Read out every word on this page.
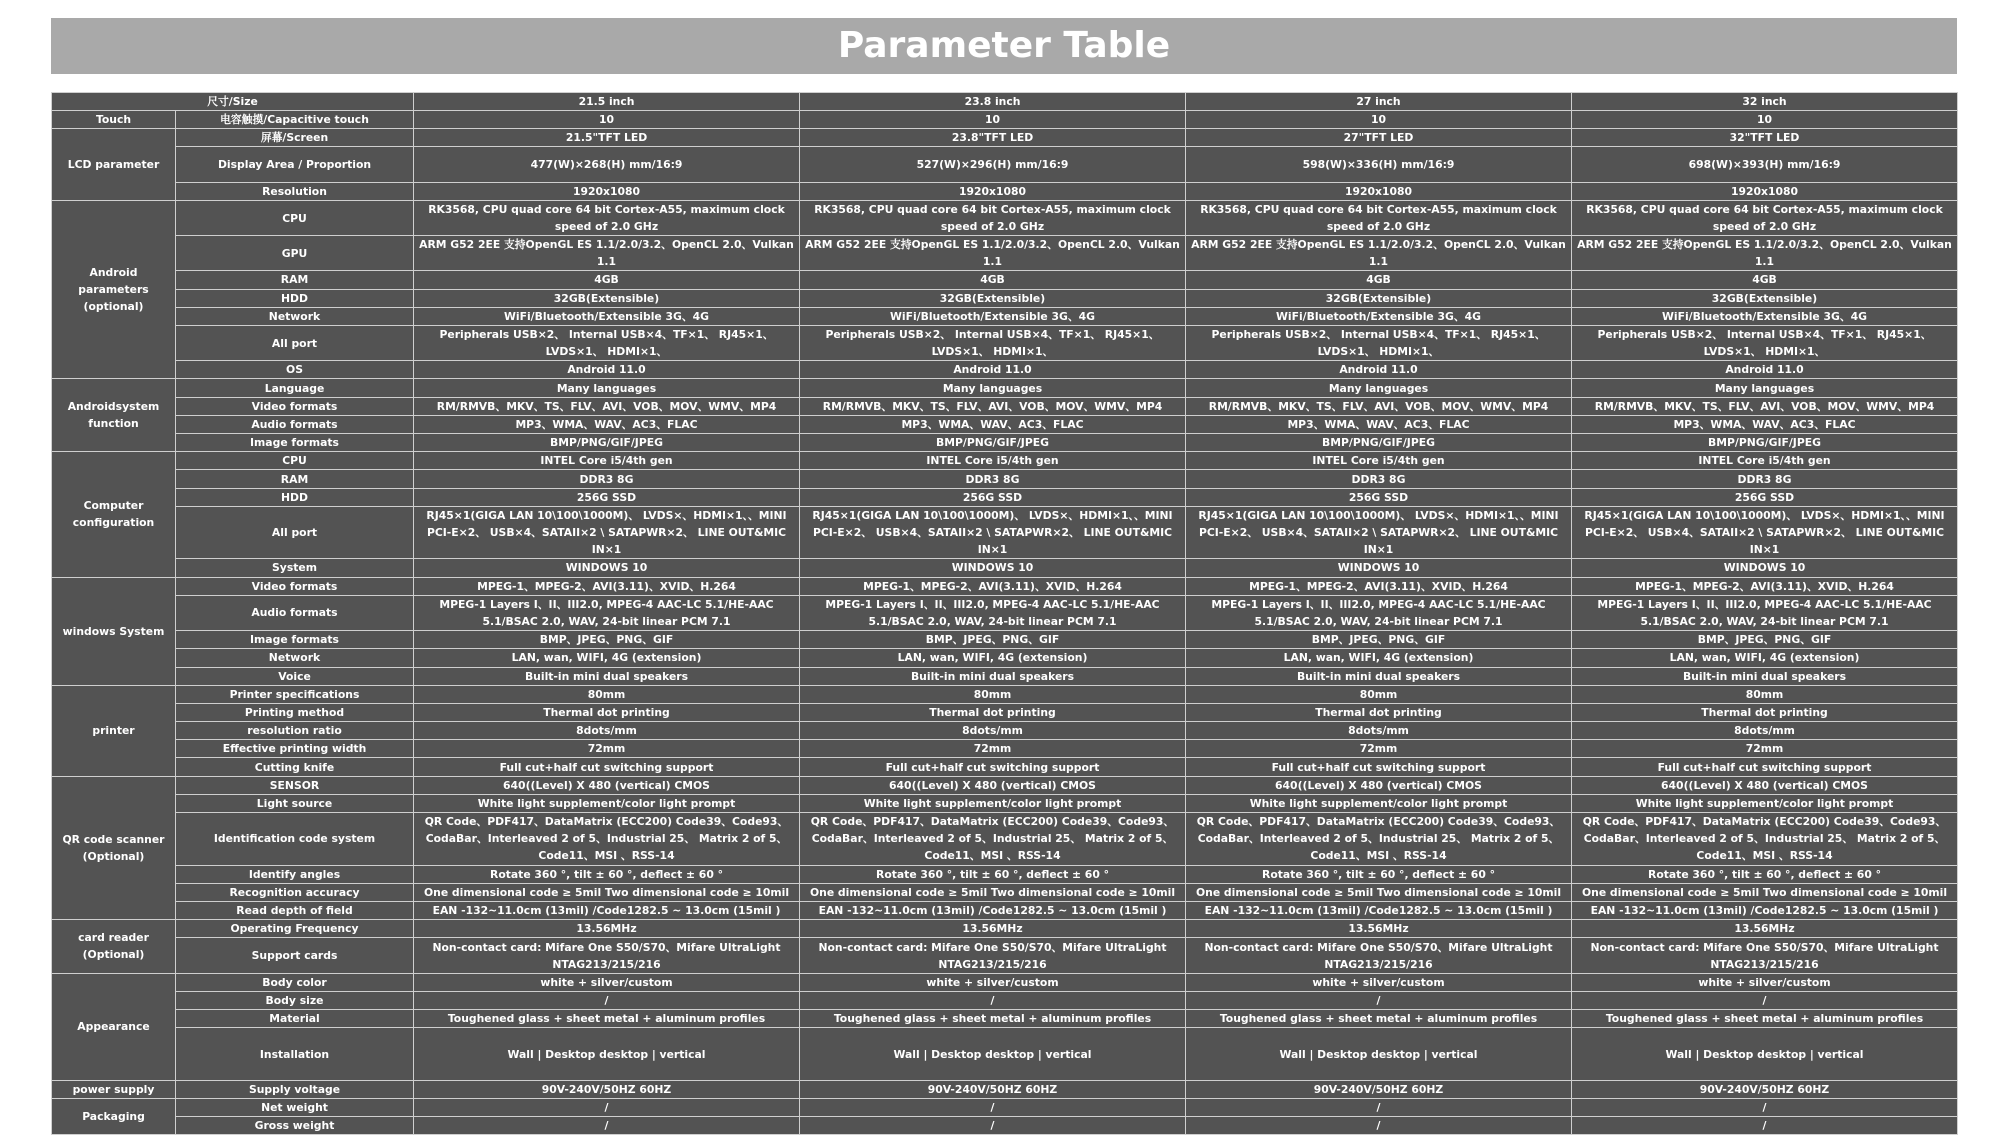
Parameter Table
尺寸/Size		21.5 inch	23.8 inch	27 inch	32 inch
Touch	电容触摸/Capacitive touch	10	10	10	10
LCD parameter	屏幕/Screen	21.5"TFT LED	23.8"TFT LED	27"TFT LED	32"TFT LED
	Display Area / Proportion	477(W)×268(H) mm/16:9	527(W)×296(H) mm/16:9	598(W)×336(H) mm/16:9	698(W)×393(H) mm/16:9
	Resolution	1920x1080	1920x1080	1920x1080	1920x1080
Android parameters (optional)	CPU	RK3568, CPU quad core 64 bit Cortex-A55, maximum clock speed of 2.0 GHz	RK3568, CPU quad core 64 bit Cortex-A55, maximum clock speed of 2.0 GHz	RK3568, CPU quad core 64 bit Cortex-A55, maximum clock speed of 2.0 GHz	RK3568, CPU quad core 64 bit Cortex-A55, maximum clock speed of 2.0 GHz
	GPU	ARM G52 2EE 支持OpenGL ES 1.1/2.0/3.2、OpenCL 2.0、Vulkan 1.1	ARM G52 2EE 支持OpenGL ES 1.1/2.0/3.2、OpenCL 2.0、Vulkan 1.1	ARM G52 2EE 支持OpenGL ES 1.1/2.0/3.2、OpenCL 2.0、Vulkan 1.1	ARM G52 2EE 支持OpenGL ES 1.1/2.0/3.2、OpenCL 2.0、Vulkan 1.1
	RAM	4GB	4GB	4GB	4GB
	HDD	32GB(Extensible)	32GB(Extensible)	32GB(Extensible)	32GB(Extensible)
	Network	WiFi/Bluetooth/Extensible 3G、4G	WiFi/Bluetooth/Extensible 3G、4G	WiFi/Bluetooth/Extensible 3G、4G	WiFi/Bluetooth/Extensible 3G、4G
	All port	Peripherals USB×2、 Internal USB×4、TF×1、 RJ45×1、 LVDS×1、 HDMI×1、	Peripherals USB×2、 Internal USB×4、TF×1、 RJ45×1、 LVDS×1、 HDMI×1、	Peripherals USB×2、 Internal USB×4、TF×1、 RJ45×1、 LVDS×1、 HDMI×1、	Peripherals USB×2、 Internal USB×4、TF×1、 RJ45×1、 LVDS×1、 HDMI×1、
	OS	Android 11.0	Android 11.0	Android 11.0	Android 11.0
Androidsystem function	Language	Many languages	Many languages	Many languages	Many languages
	Video formats	RM/RMVB、MKV、TS、FLV、AVI、VOB、MOV、WMV、MP4	RM/RMVB、MKV、TS、FLV、AVI、VOB、MOV、WMV、MP4	RM/RMVB、MKV、TS、FLV、AVI、VOB、MOV、WMV、MP4	RM/RMVB、MKV、TS、FLV、AVI、VOB、MOV、WMV、MP4
	Audio formats	MP3、WMA、WAV、AC3、FLAC	MP3、WMA、WAV、AC3、FLAC	MP3、WMA、WAV、AC3、FLAC	MP3、WMA、WAV、AC3、FLAC
	Image formats	BMP/PNG/GIF/JPEG	BMP/PNG/GIF/JPEG	BMP/PNG/GIF/JPEG	BMP/PNG/GIF/JPEG
Computer configuration	CPU	INTEL Core i5/4th gen	INTEL Core i5/4th gen	INTEL Core i5/4th gen	INTEL Core i5/4th gen
	RAM	DDR3 8G	DDR3 8G	DDR3 8G	DDR3 8G
	HDD	256G SSD	256G SSD	256G SSD	256G SSD
	All port	RJ45×1(GIGA LAN 10\100\1000M)、 LVDS×、HDMI×1、、MINI PCI-E×2、 USB×4、SATAII×2 \ SATAPWR×2、 LINE OUT&MIC IN×1	RJ45×1(GIGA LAN 10\100\1000M)、 LVDS×、HDMI×1、、MINI PCI-E×2、 USB×4、SATAII×2 \ SATAPWR×2、 LINE OUT&MIC IN×1	RJ45×1(GIGA LAN 10\100\1000M)、 LVDS×、HDMI×1、、MINI PCI-E×2、 USB×4、SATAII×2 \ SATAPWR×2、 LINE OUT&MIC IN×1	RJ45×1(GIGA LAN 10\100\1000M)、 LVDS×、HDMI×1、、MINI PCI-E×2、 USB×4、SATAII×2 \ SATAPWR×2、 LINE OUT&MIC IN×1
	System	WINDOWS 10	WINDOWS 10	WINDOWS 10	WINDOWS 10
windows System	Video formats	MPEG-1、MPEG-2、AVI(3.11)、XVID、H.264	MPEG-1、MPEG-2、AVI(3.11)、XVID、H.264	MPEG-1、MPEG-2、AVI(3.11)、XVID、H.264	MPEG-1、MPEG-2、AVI(3.11)、XVID、H.264
	Audio formats	MPEG-1 Layers I、II、III2.0, MPEG-4 AAC-LC 5.1/HE-AAC 5.1/BSAC 2.0, WAV, 24-bit linear PCM 7.1	MPEG-1 Layers I、II、III2.0, MPEG-4 AAC-LC 5.1/HE-AAC 5.1/BSAC 2.0, WAV, 24-bit linear PCM 7.1	MPEG-1 Layers I、II、III2.0, MPEG-4 AAC-LC 5.1/HE-AAC 5.1/BSAC 2.0, WAV, 24-bit linear PCM 7.1	MPEG-1 Layers I、II、III2.0, MPEG-4 AAC-LC 5.1/HE-AAC 5.1/BSAC 2.0, WAV, 24-bit linear PCM 7.1
	Image formats	BMP、JPEG、PNG、GIF	BMP、JPEG、PNG、GIF	BMP、JPEG、PNG、GIF	BMP、JPEG、PNG、GIF
	Network	LAN, wan, WIFI, 4G (extension)	LAN, wan, WIFI, 4G (extension)	LAN, wan, WIFI, 4G (extension)	LAN, wan, WIFI, 4G (extension)
	Voice	Built-in mini dual speakers	Built-in mini dual speakers	Built-in mini dual speakers	Built-in mini dual speakers
printer	Printer specifications	80mm	80mm	80mm	80mm
	Printing method	Thermal dot printing	Thermal dot printing	Thermal dot printing	Thermal dot printing
	resolution ratio	8dots/mm	8dots/mm	8dots/mm	8dots/mm
	Effective printing width	72mm	72mm	72mm	72mm
	Cutting knife	Full cut+half cut switching support	Full cut+half cut switching support	Full cut+half cut switching support	Full cut+half cut switching support
QR code scanner (Optional)	SENSOR	640((Level) X 480 (vertical) CMOS	640((Level) X 480 (vertical) CMOS	640((Level) X 480 (vertical) CMOS	640((Level) X 480 (vertical) CMOS
	Light source	White light supplement/color light prompt	White light supplement/color light prompt	White light supplement/color light prompt	White light supplement/color light prompt
	Identification code system	QR Code、PDF417、DataMatrix (ECC200) Code39、Code93、CodaBar、Interleaved 2 of 5、Industrial 25、 Matrix 2 of 5、Code11、MSI 、RSS-14	QR Code、PDF417、DataMatrix (ECC200) Code39、Code93、CodaBar、Interleaved 2 of 5、Industrial 25、 Matrix 2 of 5、Code11、MSI 、RSS-14	QR Code、PDF417、DataMatrix (ECC200) Code39、Code93、CodaBar、Interleaved 2 of 5、Industrial 25、 Matrix 2 of 5、Code11、MSI 、RSS-14	QR Code、PDF417、DataMatrix (ECC200) Code39、Code93、CodaBar、Interleaved 2 of 5、Industrial 25、 Matrix 2 of 5、Code11、MSI 、RSS-14
	Identify angles	Rotate 360 °, tilt ± 60 °, deflect ± 60 °	Rotate 360 °, tilt ± 60 °, deflect ± 60 °	Rotate 360 °, tilt ± 60 °, deflect ± 60 °	Rotate 360 °, tilt ± 60 °, deflect ± 60 °
	Recognition accuracy	One dimensional code ≥ 5mil Two dimensional code ≥ 10mil	One dimensional code ≥ 5mil Two dimensional code ≥ 10mil	One dimensional code ≥ 5mil Two dimensional code ≥ 10mil	One dimensional code ≥ 5mil Two dimensional code ≥ 10mil
	Read depth of field	EAN -132~11.0cm (13mil) /Code1282.5 ~ 13.0cm (15mil )	EAN -132~11.0cm (13mil) /Code1282.5 ~ 13.0cm (15mil )	EAN -132~11.0cm (13mil) /Code1282.5 ~ 13.0cm (15mil )	EAN -132~11.0cm (13mil) /Code1282.5 ~ 13.0cm (15mil )
card reader (Optional)	Operating Frequency	13.56MHz	13.56MHz	13.56MHz	13.56MHz
	Support cards	Non-contact card: Mifare One S50/S70、Mifare UltraLight NTAG213/215/216	Non-contact card: Mifare One S50/S70、Mifare UltraLight NTAG213/215/216	Non-contact card: Mifare One S50/S70、Mifare UltraLight NTAG213/215/216	Non-contact card: Mifare One S50/S70、Mifare UltraLight NTAG213/215/216
Appearance	Body color	white + silver/custom	white + silver/custom	white + silver/custom	white + silver/custom
	Body size	/	/	/	/
	Material	Toughened glass + sheet metal + aluminum profiles	Toughened glass + sheet metal + aluminum profiles	Toughened glass + sheet metal + aluminum profiles	Toughened glass + sheet metal + aluminum profiles
	Installation	Wall | Desktop desktop | vertical	Wall | Desktop desktop | vertical	Wall | Desktop desktop | vertical	Wall | Desktop desktop | vertical
power supply	Supply voltage	90V-240V/50HZ 60HZ	90V-240V/50HZ 60HZ	90V-240V/50HZ 60HZ	90V-240V/50HZ 60HZ
Packaging	Net weight	/	/	/	/
	Gross weight	/	/	/	/
